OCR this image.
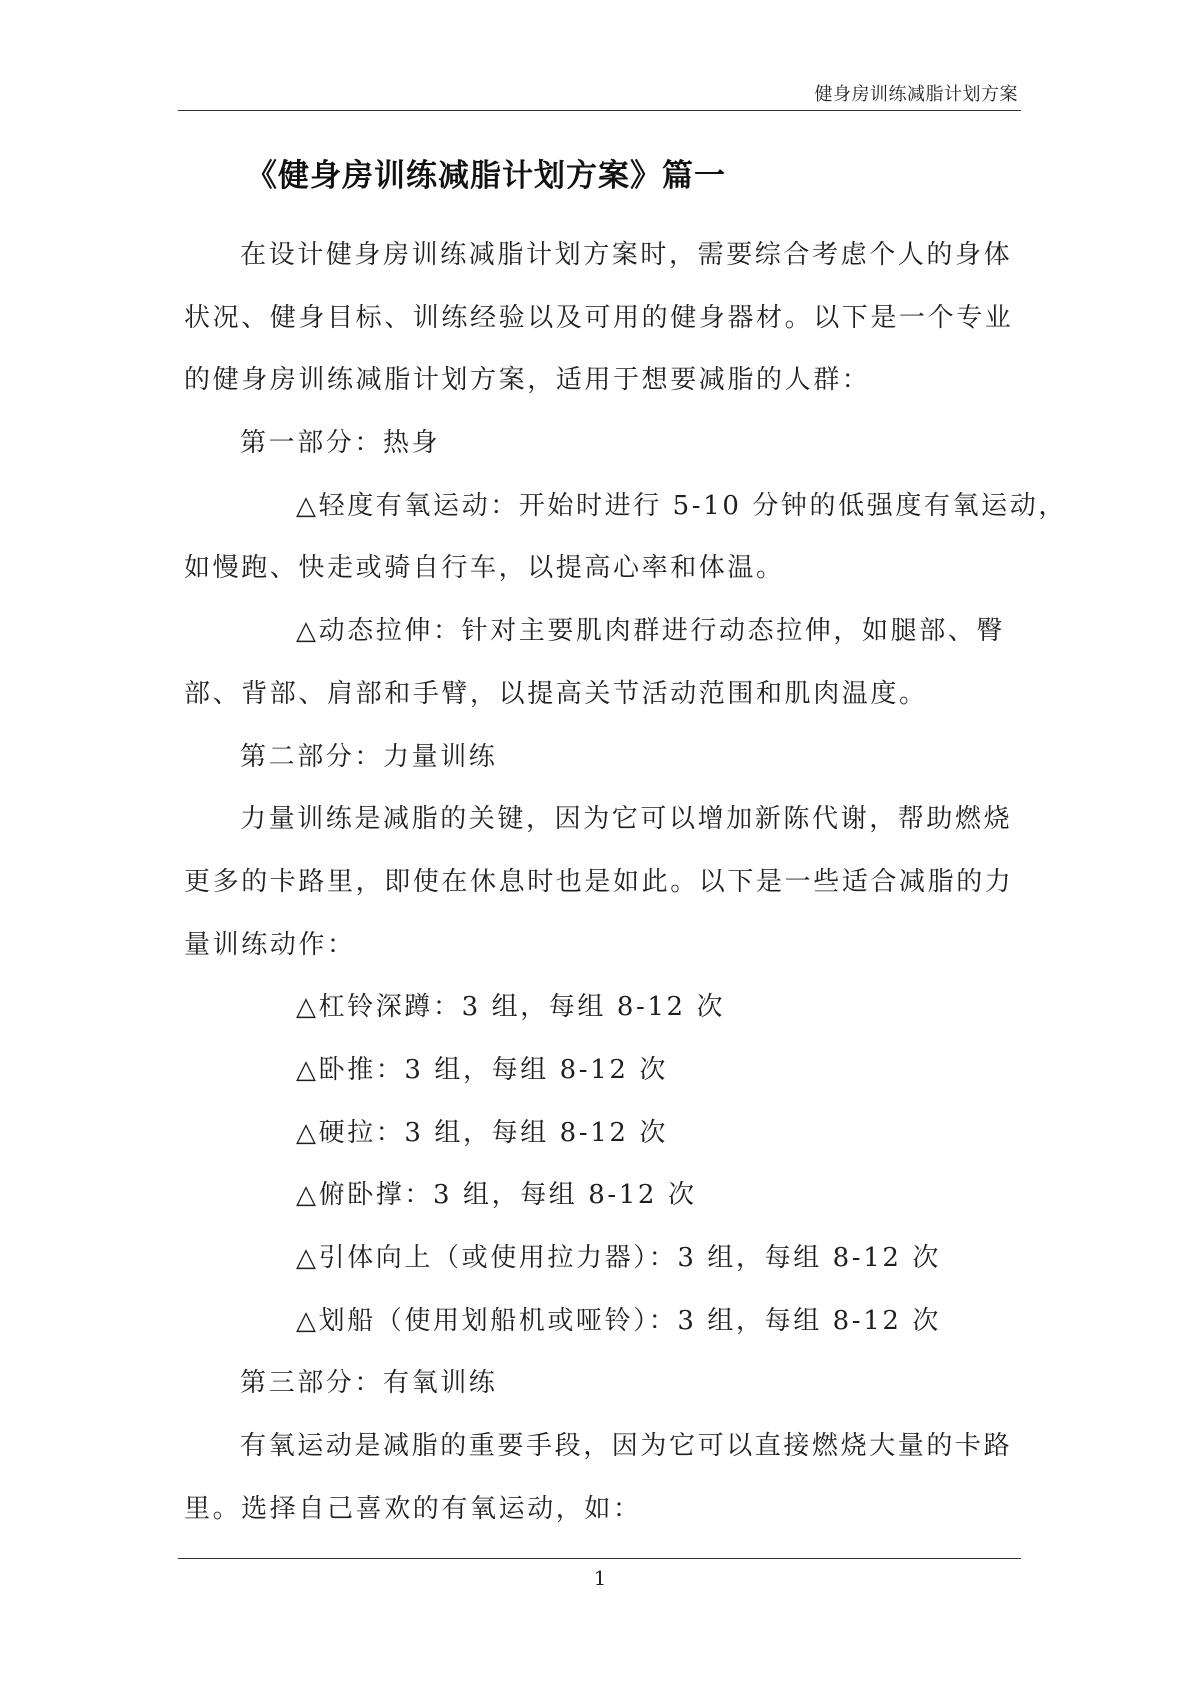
健身房训练减脂计划方案
《健身房训练减脂计划方案》篇一
在设计健身房训练减脂计划方案时，需要综合考虑个人的身体
状况、健身目标、训练经验以及可用的健身器材。以下是一个专业
的健身房训练减脂计划方案，适用于想要减脂的人群：
第一部分：热身
△轻度有氧运动：开始时进行 5-10 分钟的低强度有氧运动，
如慢跑、快走或骑自行车，以提高心率和体温。
△动态拉伸：针对主要肌肉群进行动态拉伸，如腿部、臀
部、背部、肩部和手臂，以提高关节活动范围和肌肉温度。
第二部分：力量训练
力量训练是减脂的关键，因为它可以增加新陈代谢，帮助燃烧
更多的卡路里，即使在休息时也是如此。以下是一些适合减脂的力
量训练动作：
△杠铃深蹲：3 组，每组 8-12 次
△卧推：3 组，每组 8-12 次
△硬拉：3 组，每组 8-12 次
△俯卧撑：3 组，每组 8-12 次
△引体向上（或使用拉力器）：3 组，每组 8-12 次
△划船（使用划船机或哑铃）：3 组，每组 8-12 次
第三部分：有氧训练
有氧运动是减脂的重要手段，因为它可以直接燃烧大量的卡路
里。选择自己喜欢的有氧运动，如：
1
